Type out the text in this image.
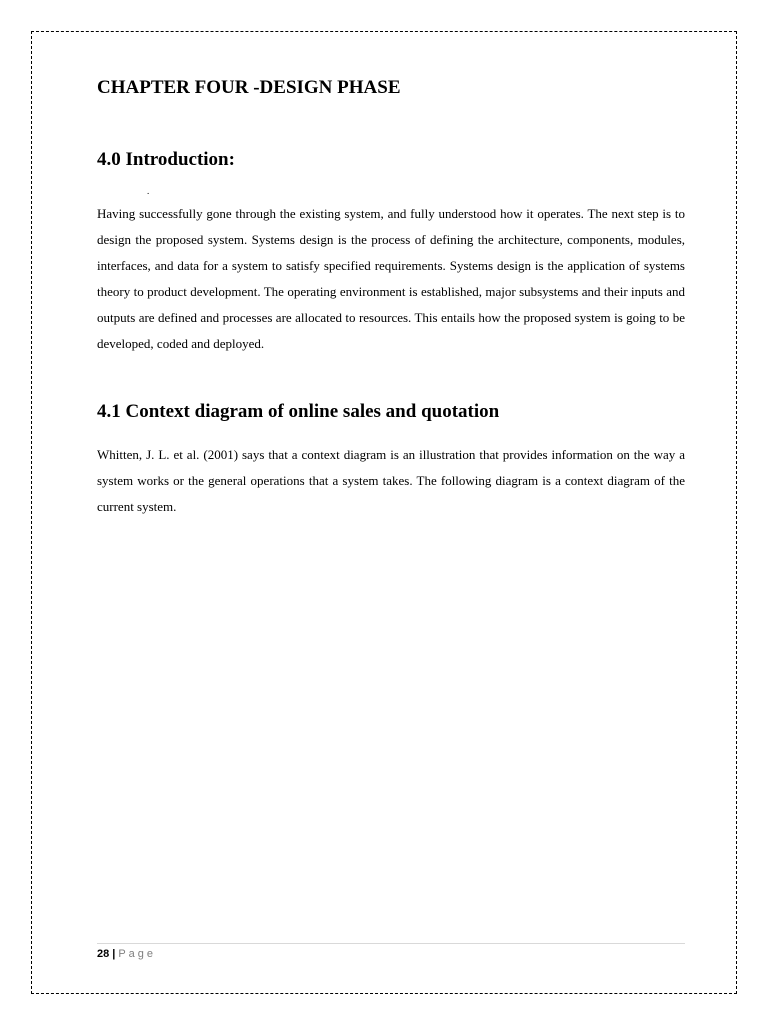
CHAPTER FOUR -DESIGN PHASE
4.0 Introduction:
.

Having successfully gone through the existing system, and fully understood how it operates. The next step is to design the proposed system. Systems design is the process of defining the architecture, components, modules, interfaces, and data for a system to satisfy specified requirements. Systems design is the application of systems theory to product development. The operating environment is established, major subsystems and their inputs and outputs are defined and processes are allocated to resources. This entails how the proposed system is going to be developed, coded and deployed.

4.1 Context diagram of online sales and quotation

Whitten, J. L. et al. (2001) says that a context diagram is an illustration that provides information on the way a system works or the general operations that a system takes. The following diagram is a context diagram of the current system.

28 | Page
